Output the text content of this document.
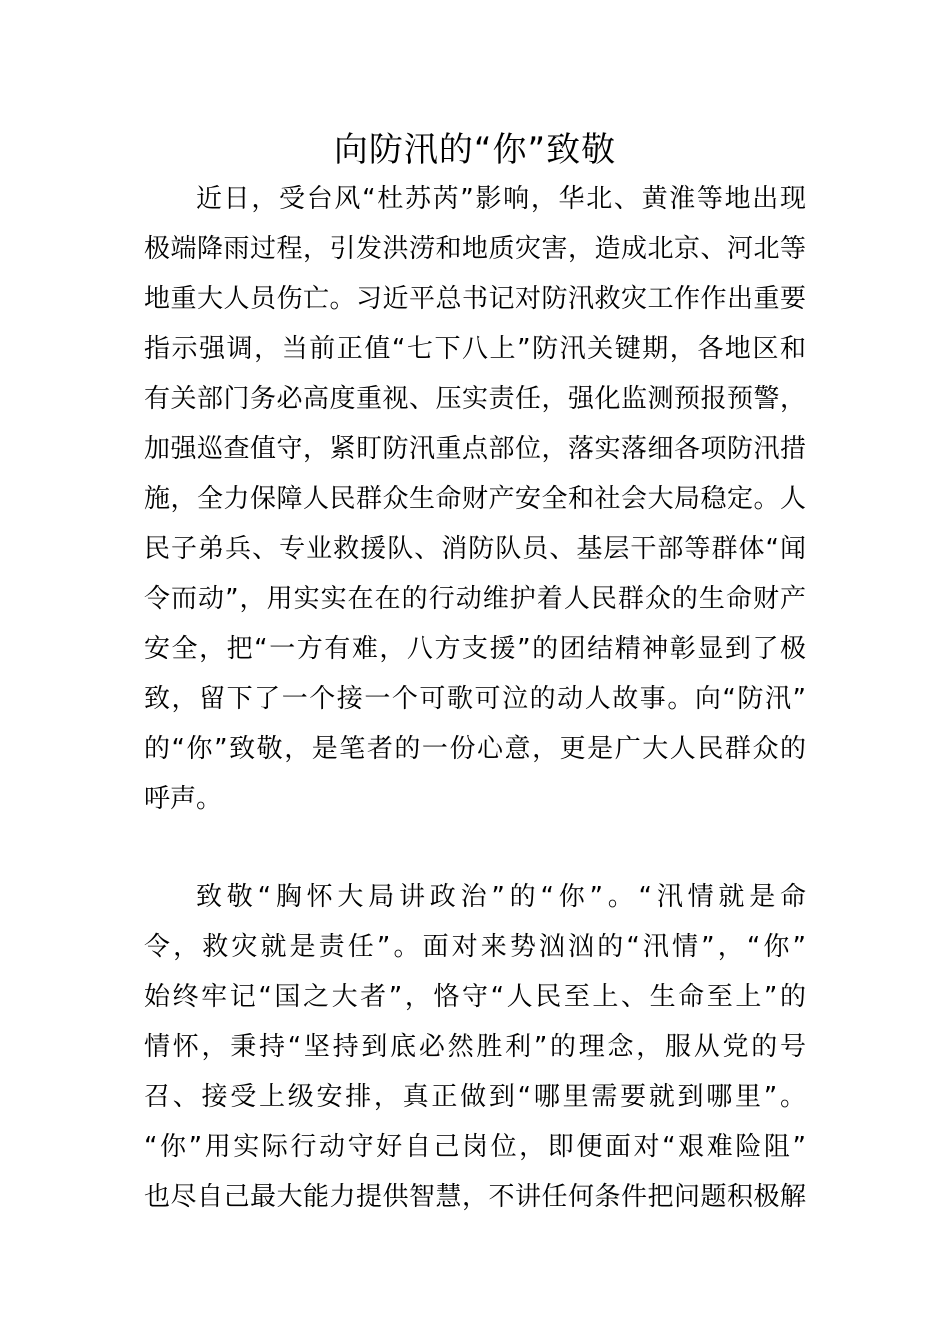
向防汛的“你”致敬

近日，受台风“杜苏芮”影响，华北、黄淮等地出现

极端降雨过程，引发洪涝和地质灾害，造成北京、河北等

地重大人员伤亡。习近平总书记对防汛救灾工作作出重要

指示强调，当前正值“七下八上”防汛关键期，各地区和

有关部门务必高度重视、压实责任，强化监测预报预警，

加强巡查值守，紧盯防汛重点部位，落实落细各项防汛措

施，全力保障人民群众生命财产安全和社会大局稳定。人

民子弟兵、专业救援队、消防队员、基层干部等群体“闻

令而动”，用实实在在的行动维护着人民群众的生命财产

安全，把“一方有难，八方支援”的团结精神彰显到了极

致，留下了一个接一个可歌可泣的动人故事。向“防汛”

的“你”致敬，是笔者的一份心意，更是广大人民群众的

呼声。

致敬“胸怀大局讲政治”的“你”。“汛情就是命

令，救灾就是责任”。面对来势汹汹的“汛情”，“你”

始终牢记“国之大者”，恪守“人民至上、生命至上”的

情怀，秉持“坚持到底必然胜利”的理念，服从党的号

召、接受上级安排，真正做到“哪里需要就到哪里”。

“你”用实际行动守好自己岗位，即便面对“艰难险阻”

也尽自己最大能力提供智慧，不讲任何条件把问题积极解
